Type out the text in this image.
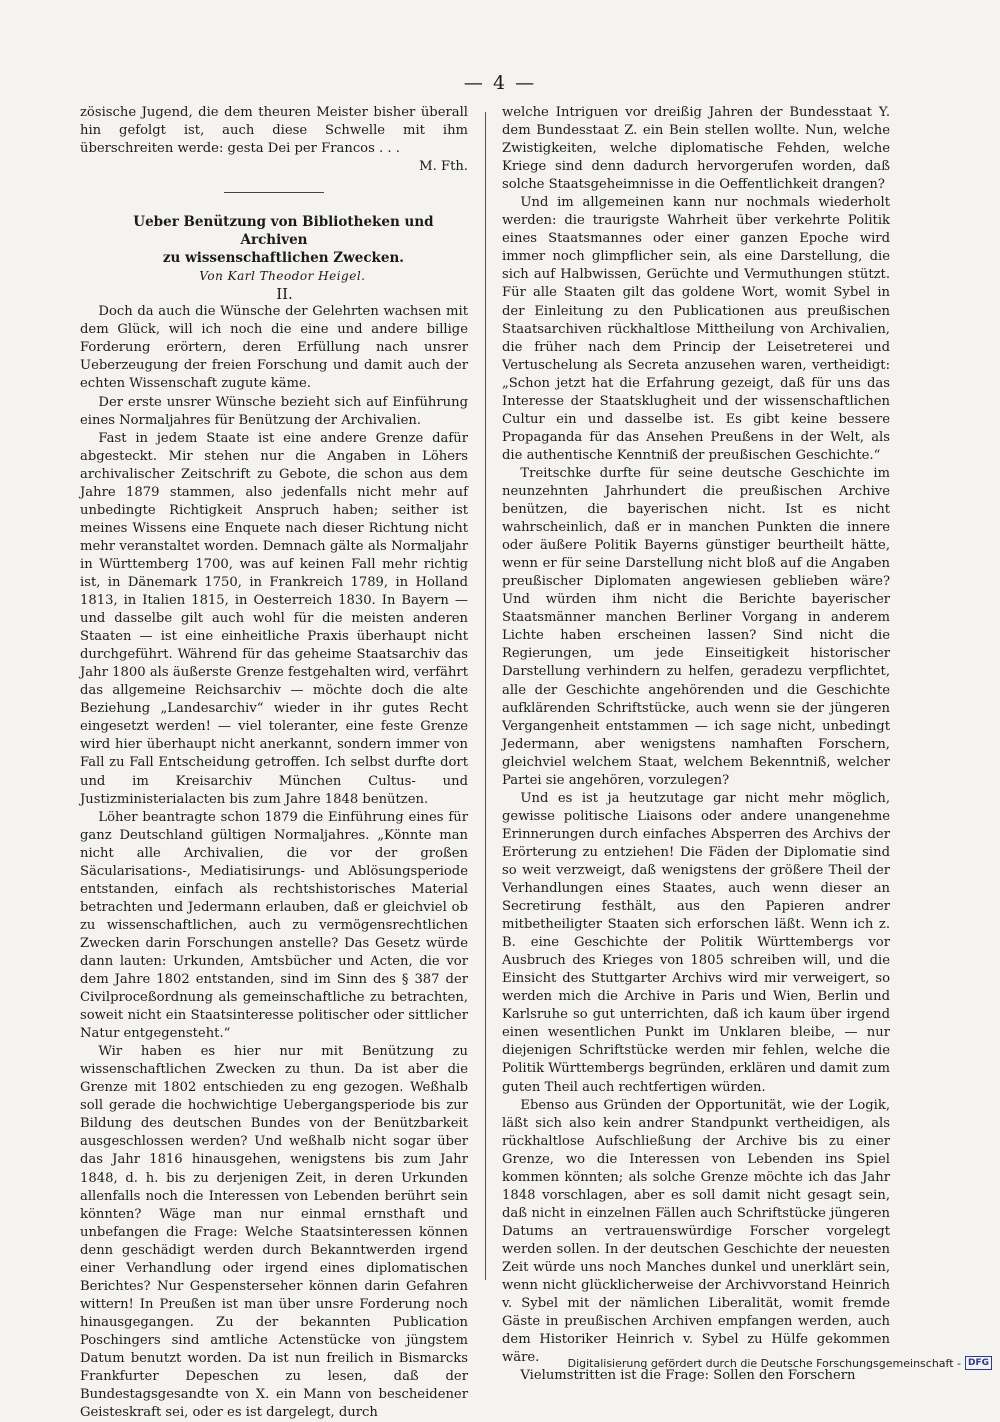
— 4 —

zösische Jugend, die dem theuren Meister bisher überall hin gefolgt ist, auch diese Schwelle mit ihm überschreiten werde: gesta Dei per Francos . . .

M. Fth.

Ueber Benützung von Bibliotheken und Archiven

zu wissenschaftlichen Zwecken.

Von Karl Theodor Heigel.

II.

Doch da auch die Wünsche der Gelehrten wachsen mit dem Glück, will ich noch die eine und andere billige Forderung erörtern, deren Erfüllung nach unsrer Ueberzeugung der freien Forschung und damit auch der echten Wissenschaft zugute käme.

Der erste unsrer Wünsche bezieht sich auf Einführung eines Normaljahres für Benützung der Archivalien.

Fast in jedem Staate ist eine andere Grenze dafür abgesteckt. Mir stehen nur die Angaben in Löhers archivalischer Zeitschrift zu Gebote, die schon aus dem Jahre 1879 stammen, also jedenfalls nicht mehr auf unbedingte Richtigkeit Anspruch haben; seither ist meines Wissens eine Enquete nach dieser Richtung nicht mehr veranstaltet worden. Demnach gälte als Normaljahr in Württemberg 1700, was auf keinen Fall mehr richtig ist, in Dänemark 1750, in Frankreich 1789, in Holland 1813, in Italien 1815, in Oesterreich 1830. In Bayern — und dasselbe gilt auch wohl für die meisten anderen Staaten — ist eine einheitliche Praxis überhaupt nicht durchgeführt. Während für das geheime Staatsarchiv das Jahr 1800 als äußerste Grenze festgehalten wird, verfährt das allgemeine Reichsarchiv — möchte doch die alte Beziehung „Landesarchiv“ wieder in ihr gutes Recht eingesetzt werden! — viel toleranter, eine feste Grenze wird hier überhaupt nicht anerkannt, sondern immer von Fall zu Fall Entscheidung getroffen. Ich selbst durfte dort und im Kreisarchiv München Cultus- und Justizministerialacten bis zum Jahre 1848 benützen.

Löher beantragte schon 1879 die Einführung eines für ganz Deutschland gültigen Normaljahres. „Könnte man nicht alle Archivalien, die vor der großen Säcularisations-, Mediatisirungs- und Ablösungsperiode entstanden, einfach als rechtshistorisches Material betrachten und Jedermann erlauben, daß er gleichviel ob zu wissenschaftlichen, auch zu vermögensrechtlichen Zwecken darin Forschungen anstelle? Das Gesetz würde dann lauten: Urkunden, Amtsbücher und Acten, die vor dem Jahre 1802 entstanden, sind im Sinn des § 387 der Civilproceßordnung als gemeinschaftliche zu betrachten, soweit nicht ein Staatsinteresse politischer oder sittlicher Natur entgegensteht.“

Wir haben es hier nur mit Benützung zu wissenschaftlichen Zwecken zu thun. Da ist aber die Grenze mit 1802 entschieden zu eng gezogen. Weßhalb soll gerade die hochwichtige Uebergangsperiode bis zur Bildung des deutschen Bundes von der Benützbarkeit ausgeschlossen werden? Und weßhalb nicht sogar über das Jahr 1816 hinausgehen, wenigstens bis zum Jahr 1848, d. h. bis zu derjenigen Zeit, in deren Urkunden allenfalls noch die Interessen von Lebenden berührt sein könnten? Wäge man nur einmal ernsthaft und unbefangen die Frage: Welche Staatsinteressen können denn geschädigt werden durch Bekanntwerden irgend einer Verhandlung oder irgend eines diplomatischen Berichtes? Nur Gespensterseher können darin Gefahren wittern! In Preußen ist man über unsre Forderung noch hinausgegangen. Zu der bekannten Publication Poschingers sind amtliche Actenstücke von jüngstem Datum benutzt worden. Da ist nun freilich in Bismarcks Frankfurter Depeschen zu lesen, daß der Bundestagsgesandte von X. ein Mann von bescheidener Geisteskraft sei, oder es ist dargelegt, durch

welche Intriguen vor dreißig Jahren der Bundesstaat Y. dem Bundesstaat Z. ein Bein stellen wollte. Nun, welche Zwistigkeiten, welche diplomatische Fehden, welche Kriege sind denn dadurch hervorgerufen worden, daß solche Staatsgeheimnisse in die Oeffentlichkeit drangen?

Und im allgemeinen kann nur nochmals wiederholt werden: die traurigste Wahrheit über verkehrte Politik eines Staatsmannes oder einer ganzen Epoche wird immer noch glimpflicher sein, als eine Darstellung, die sich auf Halbwissen, Gerüchte und Vermuthungen stützt. Für alle Staaten gilt das goldene Wort, womit Sybel in der Einleitung zu den Publicationen aus preußischen Staatsarchiven rückhaltlose Mittheilung von Archivalien, die früher nach dem Princip der Leisetreterei und Vertuschelung als Secreta anzusehen waren, vertheidigt: „Schon jetzt hat die Erfahrung gezeigt, daß für uns das Interesse der Staatsklugheit und der wissenschaftlichen Cultur ein und dasselbe ist. Es gibt keine bessere Propaganda für das Ansehen Preußens in der Welt, als die authentische Kenntniß der preußischen Geschichte.“

Treitschke durfte für seine deutsche Geschichte im neunzehnten Jahrhundert die preußischen Archive benützen, die bayerischen nicht. Ist es nicht wahrscheinlich, daß er in manchen Punkten die innere oder äußere Politik Bayerns günstiger beurtheilt hätte, wenn er für seine Darstellung nicht bloß auf die Angaben preußischer Diplomaten angewiesen geblieben wäre? Und würden ihm nicht die Berichte bayerischer Staatsmänner manchen Berliner Vorgang in anderem Lichte haben erscheinen lassen? Sind nicht die Regierungen, um jede Einseitigkeit historischer Darstellung verhindern zu helfen, geradezu verpflichtet, alle der Geschichte angehörenden und die Geschichte aufklärenden Schriftstücke, auch wenn sie der jüngeren Vergangenheit entstammen — ich sage nicht, unbedingt Jedermann, aber wenigstens namhaften Forschern, gleichviel welchem Staat, welchem Bekenntniß, welcher Partei sie angehören, vorzulegen?

Und es ist ja heutzutage gar nicht mehr möglich, gewisse politische Liaisons oder andere unangenehme Erinnerungen durch einfaches Absperren des Archivs der Erörterung zu entziehen! Die Fäden der Diplomatie sind so weit verzweigt, daß wenigstens der größere Theil der Verhandlungen eines Staates, auch wenn dieser an Secretirung festhält, aus den Papieren andrer mitbetheiligter Staaten sich erforschen läßt. Wenn ich z. B. eine Geschichte der Politik Württembergs vor Ausbruch des Krieges von 1805 schreiben will, und die Einsicht des Stuttgarter Archivs wird mir verweigert, so werden mich die Archive in Paris und Wien, Berlin und Karlsruhe so gut unterrichten, daß ich kaum über irgend einen wesentlichen Punkt im Unklaren bleibe, — nur diejenigen Schriftstücke werden mir fehlen, welche die Politik Württembergs begründen, erklären und damit zum guten Theil auch rechtfertigen würden.

Ebenso aus Gründen der Opportunität, wie der Logik, läßt sich also kein andrer Standpunkt vertheidigen, als rückhaltlose Aufschließung der Archive bis zu einer Grenze, wo die Interessen von Lebenden ins Spiel kommen könnten; als solche Grenze möchte ich das Jahr 1848 vorschlagen, aber es soll damit nicht gesagt sein, daß nicht in einzelnen Fällen auch Schriftstücke jüngeren Datums an vertrauenswürdige Forscher vorgelegt werden sollen. In der deutschen Geschichte der neuesten Zeit würde uns noch Manches dunkel und unerklärt sein, wenn nicht glücklicherweise der Archivvorstand Heinrich v. Sybel mit der nämlichen Liberalität, womit fremde Gäste in preußischen Archiven empfangen werden, auch dem Historiker Heinrich v. Sybel zu Hülfe gekommen wäre.

Vielumstritten ist die Frage: Sollen den Forschern

Digitalisierung gefördert durch die Deutsche Forschungsgemeinschaft - DFG
